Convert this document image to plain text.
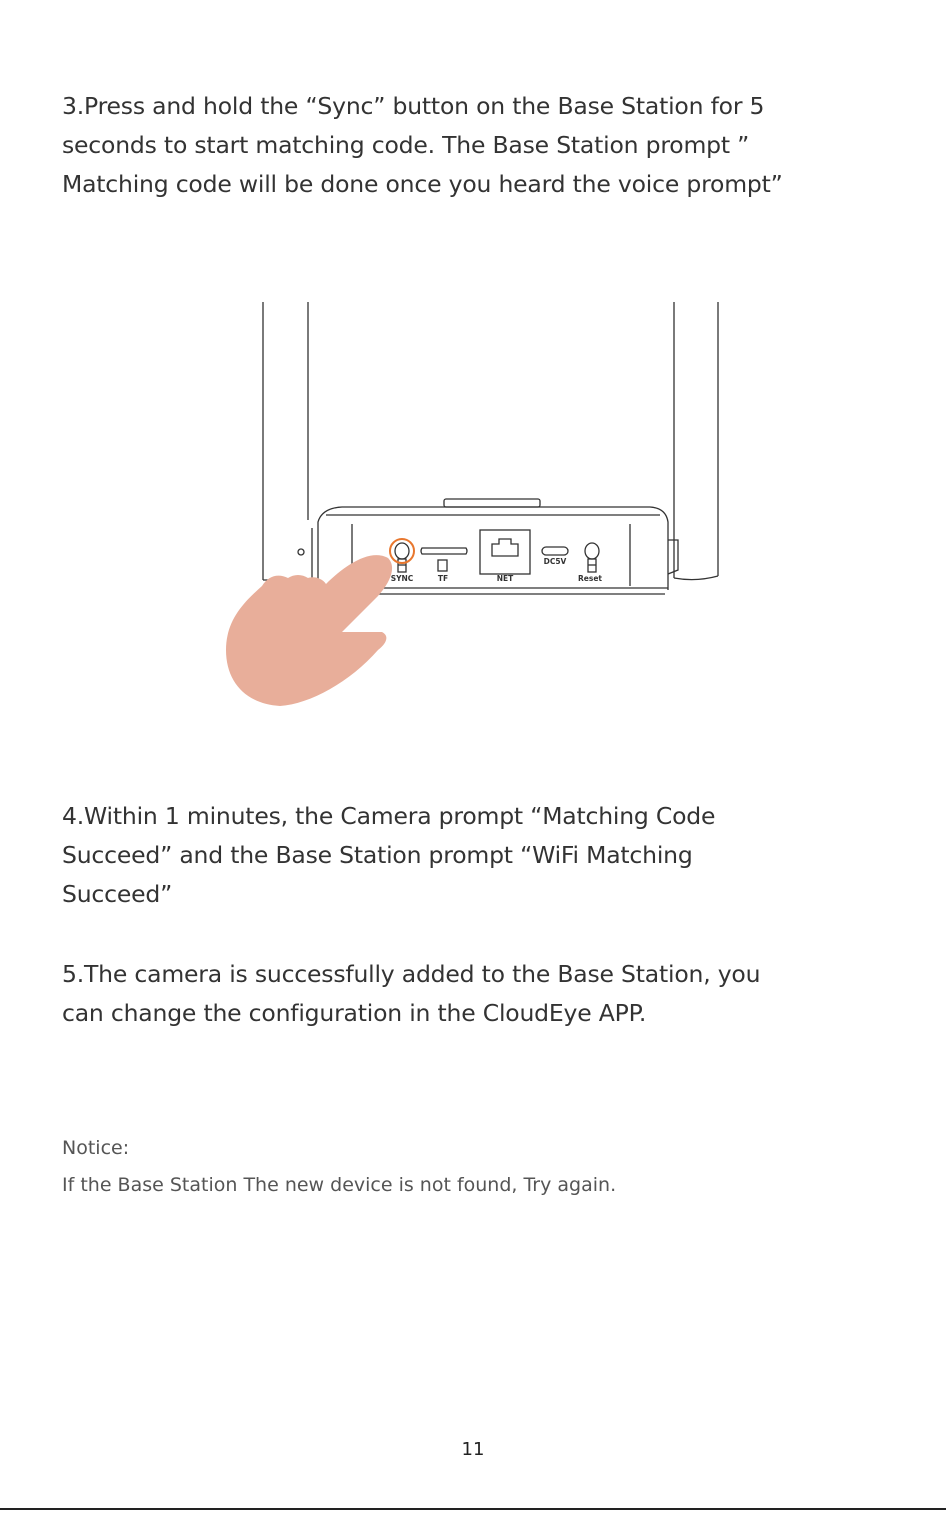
3.Press and hold the “Sync” button on the Base Station for 5
seconds to start matching code. The Base Station prompt ”
Matching code will be done once you heard the voice prompt”

SYNC	TF	NET
DC5V
Reset

4.Within 1 minutes, the Camera prompt “Matching Code
Succeed” and the Base Station prompt “WiFi Matching
Succeed”

5.The camera is successfully added to the Base Station, you
can change the configuration in the CloudEye APP.

Notice:

If the Base Station The new device is not found, Try again.

11
